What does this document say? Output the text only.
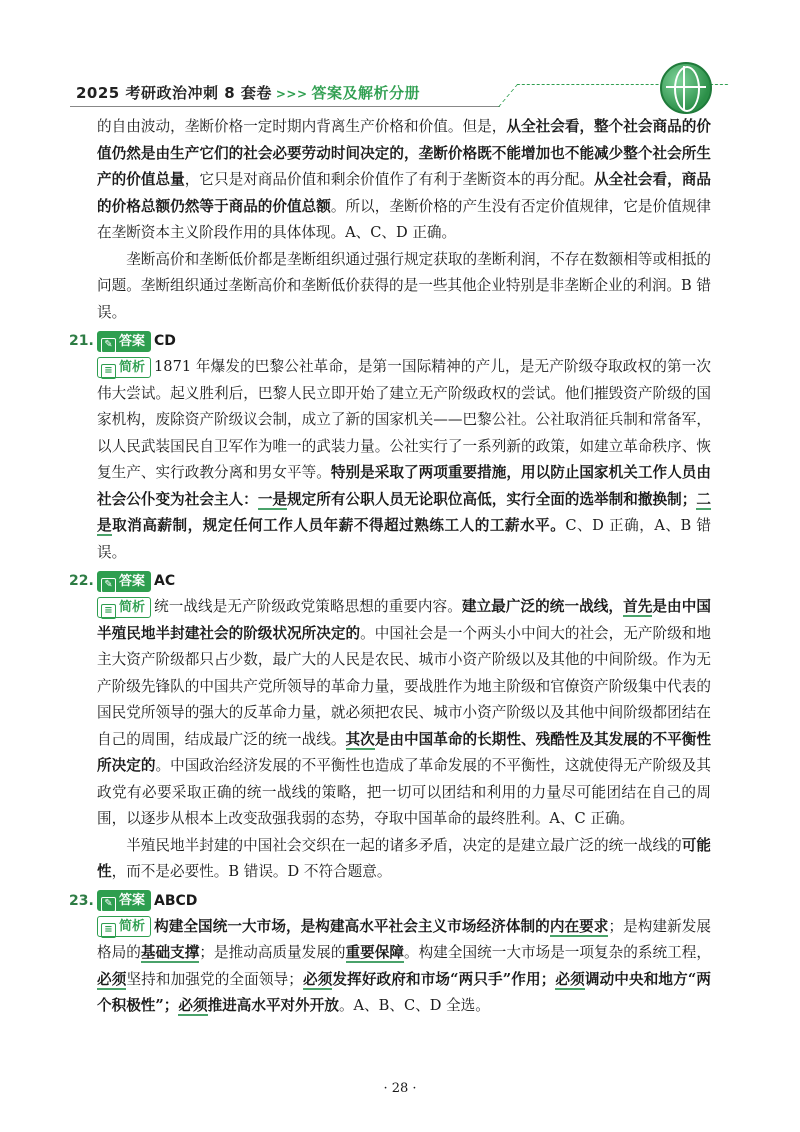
2025 考研政治冲刺 8 套卷 >>> 答案及解析分册

的自由波动，垄断价格一定时期内背离生产价格和价值。但是，从全社会看，整个社会商品的价值仍然是由生产它们的社会必要劳动时间决定的，垄断价格既不能增加也不能减少整个社会所生产的价值总量，它只是对商品价值和剩余价值作了有利于垄断资本的再分配。从全社会看，商品的价格总额仍然等于商品的价值总额。所以，垄断价格的产生没有否定价值规律，它是价值规律在垄断资本主义阶段作用的具体体现。A、C、D 正确。

垄断高价和垄断低价都是垄断组织通过强行规定获取的垄断利润，不存在数额相等或相抵的问题。垄断组织通过垄断高价和垄断低价获得的是一些其他企业特别是非垄断企业的利润。B 错误。

21. ✎ 答案 CD

≡ 简析 1871 年爆发的巴黎公社革命，是第一国际精神的产儿，是无产阶级夺取政权的第一次伟大尝试。起义胜利后，巴黎人民立即开始了建立无产阶级政权的尝试。他们摧毁资产阶级的国家机构，废除资产阶级议会制，成立了新的国家机关——巴黎公社。公社取消征兵制和常备军，以人民武装国民自卫军作为唯一的武装力量。公社实行了一系列新的政策，如建立革命秩序、恢复生产、实行政教分离和男女平等。特别是采取了两项重要措施，用以防止国家机关工作人员由社会公仆变为社会主人：一是规定所有公职人员无论职位高低，实行全面的选举制和撤换制；二是取消高薪制，规定任何工作人员年薪不得超过熟练工人的工薪水平。C、D 正确，A、B 错误。

22. ✎ 答案 AC

≡ 简析 统一战线是无产阶级政党策略思想的重要内容。建立最广泛的统一战线，首先是由中国半殖民地半封建社会的阶级状况所决定的。中国社会是一个两头小中间大的社会，无产阶级和地主大资产阶级都只占少数，最广大的人民是农民、城市小资产阶级以及其他的中间阶级。作为无产阶级先锋队的中国共产党所领导的革命力量，要战胜作为地主阶级和官僚资产阶级集中代表的国民党所领导的强大的反革命力量，就必须把农民、城市小资产阶级以及其他中间阶级都团结在自己的周围，结成最广泛的统一战线。其次是由中国革命的长期性、残酷性及其发展的不平衡性所决定的。中国政治经济发展的不平衡性也造成了革命发展的不平衡性，这就使得无产阶级及其政党有必要采取正确的统一战线的策略，把一切可以团结和利用的力量尽可能团结在自己的周围，以逐步从根本上改变敌强我弱的态势，夺取中国革命的最终胜利。A、C 正确。

半殖民地半封建的中国社会交织在一起的诸多矛盾，决定的是建立最广泛的统一战线的可能性，而不是必要性。B 错误。D 不符合题意。

23. ✎ 答案 ABCD

≡ 简析 构建全国统一大市场，是构建高水平社会主义市场经济体制的内在要求；是构建新发展格局的基础支撑；是推动高质量发展的重要保障。构建全国统一大市场是一项复杂的系统工程，必须坚持和加强党的全面领导；必须发挥好政府和市场“两只手”作用；必须调动中央和地方“两个积极性”；必须推进高水平对外开放。A、B、C、D 全选。

· 28 ·
